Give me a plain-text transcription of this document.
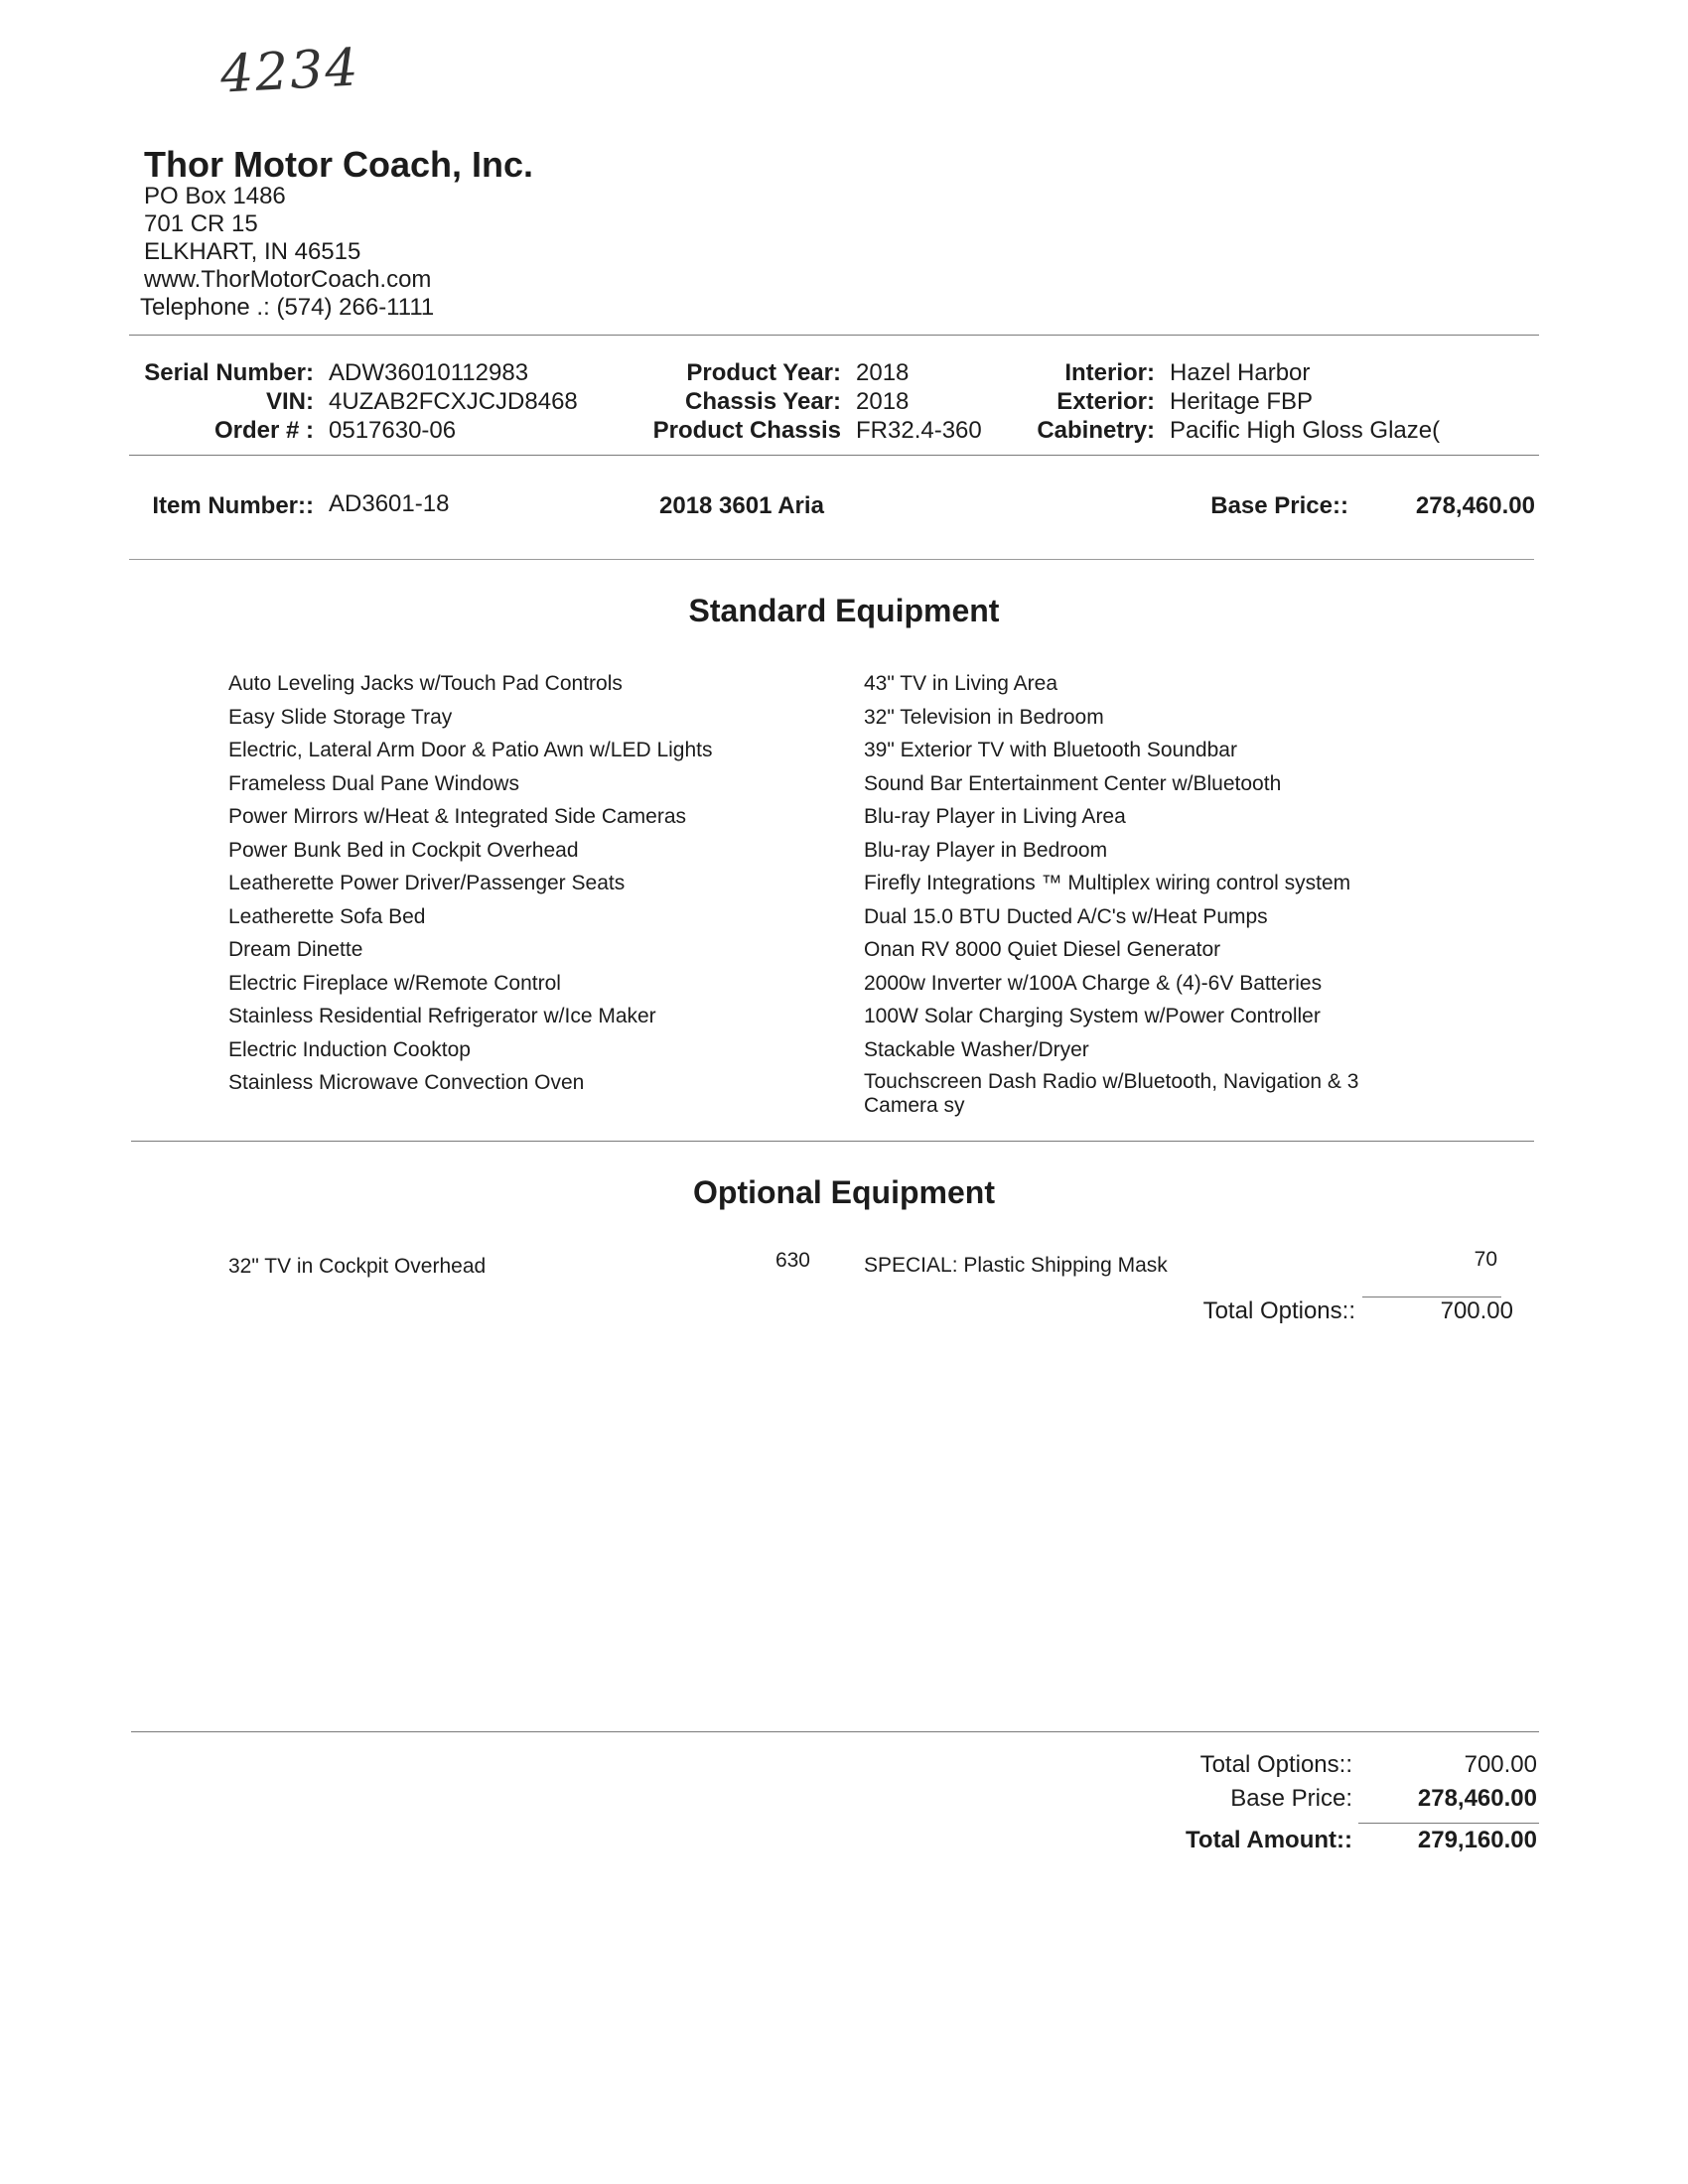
4234
Thor Motor Coach, Inc.
PO Box 1486
701 CR 15
ELKHART, IN 46515
www.ThorMotorCoach.com
Telephone .: (574) 266-1111
Serial Number: ADW36010112983
VIN: 4UZAB2FCXJCJD8468
Order # : 0517630-06
Product Year: 2018
Chassis Year: 2018
Product Chassis FR32.4-360
Interior: Hazel Harbor
Exterior: Heritage FBP
Cabinetry: Pacific High Gloss Glaze(
Item Number:: AD3601-18	2018 3601 Aria	Base Price::	278,460.00
Standard Equipment
Auto Leveling Jacks w/Touch Pad Controls
Easy Slide Storage Tray
Electric, Lateral Arm Door & Patio Awn w/LED Lights
Frameless Dual Pane Windows
Power Mirrors w/Heat & Integrated Side Cameras
Power Bunk Bed in Cockpit Overhead
Leatherette Power Driver/Passenger Seats
Leatherette Sofa Bed
Dream Dinette
Electric Fireplace w/Remote Control
Stainless Residential Refrigerator w/Ice Maker
Electric Induction Cooktop
Stainless Microwave Convection Oven
43" TV in Living Area
32" Television in Bedroom
39" Exterior TV with Bluetooth Soundbar
Sound Bar Entertainment Center w/Bluetooth
Blu-ray Player in Living Area
Blu-ray Player in Bedroom
Firefly Integrations ™ Multiplex wiring control system
Dual 15.0 BTU Ducted A/C's w/Heat Pumps
Onan RV 8000 Quiet Diesel Generator
2000w Inverter w/100A Charge & (4)-6V Batteries
100W Solar Charging System w/Power Controller
Stackable Washer/Dryer
Touchscreen Dash Radio w/Bluetooth, Navigation & 3 Camera sy
Optional Equipment
32" TV in Cockpit Overhead	630	SPECIAL: Plastic Shipping Mask	70
Total Options::	700.00
Total Options::	700.00
Base Price:	278,460.00
Total Amount::	279,160.00
